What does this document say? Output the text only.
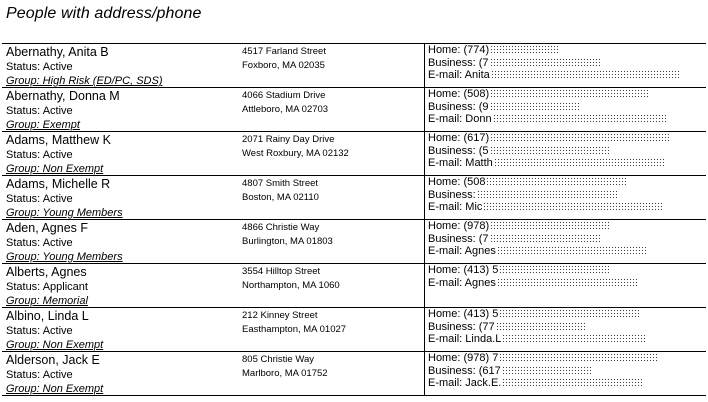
People with address/phone
Abernathy, Anita B
Status: Active
Group: High Risk (ED/PC, SDS)
4517 Farland Street
Foxboro, MA 02035
Home: (774)
Business: (7
E-mail: Anita
Abernathy, Donna M
Status: Active
Group: Exempt
4066 Stadium Drive
Attleboro, MA 02703
Home: (508)
Business: (9
E-mail: Donn
Adams, Matthew K
Status: Active
Group: Non Exempt
2071 Rainy Day Drive
West Roxbury, MA 02132
Home: (617)
Business: (5
E-mail: Matth
Adams, Michelle R
Status: Active
Group: Young Members
4807 Smith Street
Boston, MA 02110
Home: (508
Business:
E-mail: Mic
Aden, Agnes F
Status: Active
Group: Young Members
4866 Christie Way
Burlington, MA 01803
Home: (978)
Business: (7
E-mail: Agnes
Alberts, Agnes
Status: Applicant
Group: Memorial
3554 Hilltop Street
Northampton, MA 1060
Home: (413) 5
E-mail: Agnes
Albino, Linda L
Status: Active
Group: Non Exempt
212 Kinney Street
Easthampton, MA 01027
Home: (413) 5
Business: (77
E-mail: Linda.L
Alderson, Jack E
Status: Active
Group: Non Exempt
805 Christie Way
Marlboro, MA 01752
Home: (978) 7
Business: (617
E-mail: Jack.E.
